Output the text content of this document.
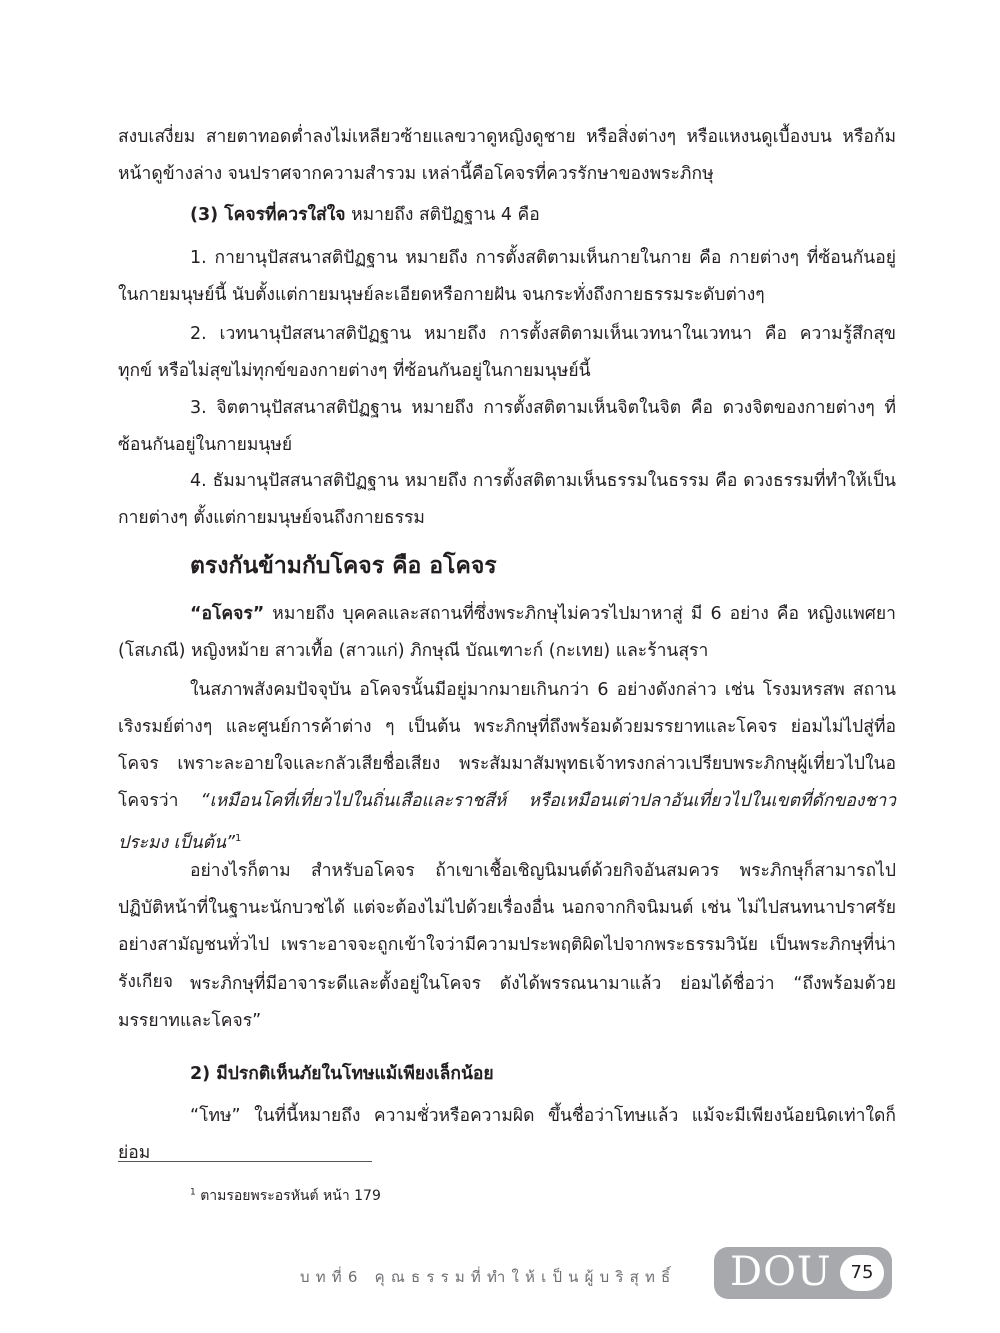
สงบเสงี่ยม สายตาทอดต่ำลงไม่เหลียวซ้ายแลขวาดูหญิงดูชาย หรือสิ่งต่างๆ หรือแหงนดูเบื้องบน หรือก้มหน้าดูข้างล่าง จนปราศจากความสำรวม เหล่านี้คือโคจรที่ควรรักษาของพระภิกษุ

(3) โคจรที่ควรใส่ใจ หมายถึง สติปัฏฐาน 4 คือ

1. กายานุปัสสนาสติปัฏฐาน หมายถึง การตั้งสติตามเห็นกายในกาย คือ กายต่างๆ ที่ซ้อนกันอยู่ในกายมนุษย์นี้ นับตั้งแต่กายมนุษย์ละเอียดหรือกายฝัน จนกระทั่งถึงกายธรรมระดับต่างๆ

2. เวทนานุปัสสนาสติปัฏฐาน หมายถึง การตั้งสติตามเห็นเวทนาในเวทนา คือ ความรู้สึกสุข ทุกข์ หรือไม่สุขไม่ทุกข์ของกายต่างๆ ที่ซ้อนกันอยู่ในกายมนุษย์นี้

3. จิตตานุปัสสนาสติปัฏฐาน หมายถึง การตั้งสติตามเห็นจิตในจิต คือ ดวงจิตของกายต่างๆ ที่ซ้อนกันอยู่ในกายมนุษย์

4. ธัมมานุปัสสนาสติปัฏฐาน หมายถึง การตั้งสติตามเห็นธรรมในธรรม คือ ดวงธรรมที่ทำให้เป็นกายต่างๆ ตั้งแต่กายมนุษย์จนถึงกายธรรม

ตรงกันข้ามกับโคจร คือ อโคจร

“อโคจร” หมายถึง บุคคลและสถานที่ซึ่งพระภิกษุไม่ควรไปมาหาสู่ มี 6 อย่าง คือ หญิงแพศยา (โสเภณี) หญิงหม้าย สาวเทื้อ (สาวแก่) ภิกษุณี บัณเฑาะก์ (กะเทย) และร้านสุรา

ในสภาพสังคมปัจจุบัน อโคจรนั้นมีอยู่มากมายเกินกว่า 6 อย่างดังกล่าว เช่น โรงมหรสพ สถานเริงรมย์ต่างๆ และศูนย์การค้าต่าง ๆ เป็นต้น พระภิกษุที่ถึงพร้อมด้วยมรรยาทและโคจร ย่อมไม่ไปสู่ที่อโคจร เพราะละอายใจและกลัวเสียชื่อเสียง พระสัมมาสัมพุทธเจ้าทรงกล่าวเปรียบพระภิกษุผู้เที่ยวไปในอโคจรว่า “เหมือนโคที่เที่ยวไปในถิ่นเสือและราชสีห์ หรือเหมือนเต่าปลาอันเที่ยวไปในเขตที่ดักของชาวประมง เป็นต้น”$^1$

อย่างไรก็ตาม สำหรับอโคจร ถ้าเขาเชื้อเชิญนิมนต์ด้วยกิจอันสมควร พระภิกษุก็สามารถไปปฏิบัติหน้าที่ในฐานะนักบวชได้ แต่จะต้องไม่ไปด้วยเรื่องอื่น นอกจากกิจนิมนต์ เช่น ไม่ไปสนทนาปราศรัยอย่างสามัญชนทั่วไป เพราะอาจจะถูกเข้าใจว่ามีความประพฤติผิดไปจากพระธรรมวินัย เป็นพระภิกษุที่น่ารังเกียจ พระภิกษุที่มีอาจาระดีและตั้งอยู่ในโคจร ดังได้พรรณนามาแล้ว ย่อมได้ชื่อว่า “ถึงพร้อมด้วยมรรยาทและโคจร”

2) มีปรกติเห็นภัยในโทษแม้เพียงเล็กน้อย

“โทษ” ในที่นี้หมายถึง ความชั่วหรือความผิด ขึ้นชื่อว่าโทษแล้ว แม้จะมีเพียงน้อยนิดเท่าใดก็ย่อม

$^1$ ตามรอยพระอรหันต์ หน้า 179

บทที่6 คุณธรรมที่ทำให้เป็นผู้บริสุทธิ์ DOU	75
